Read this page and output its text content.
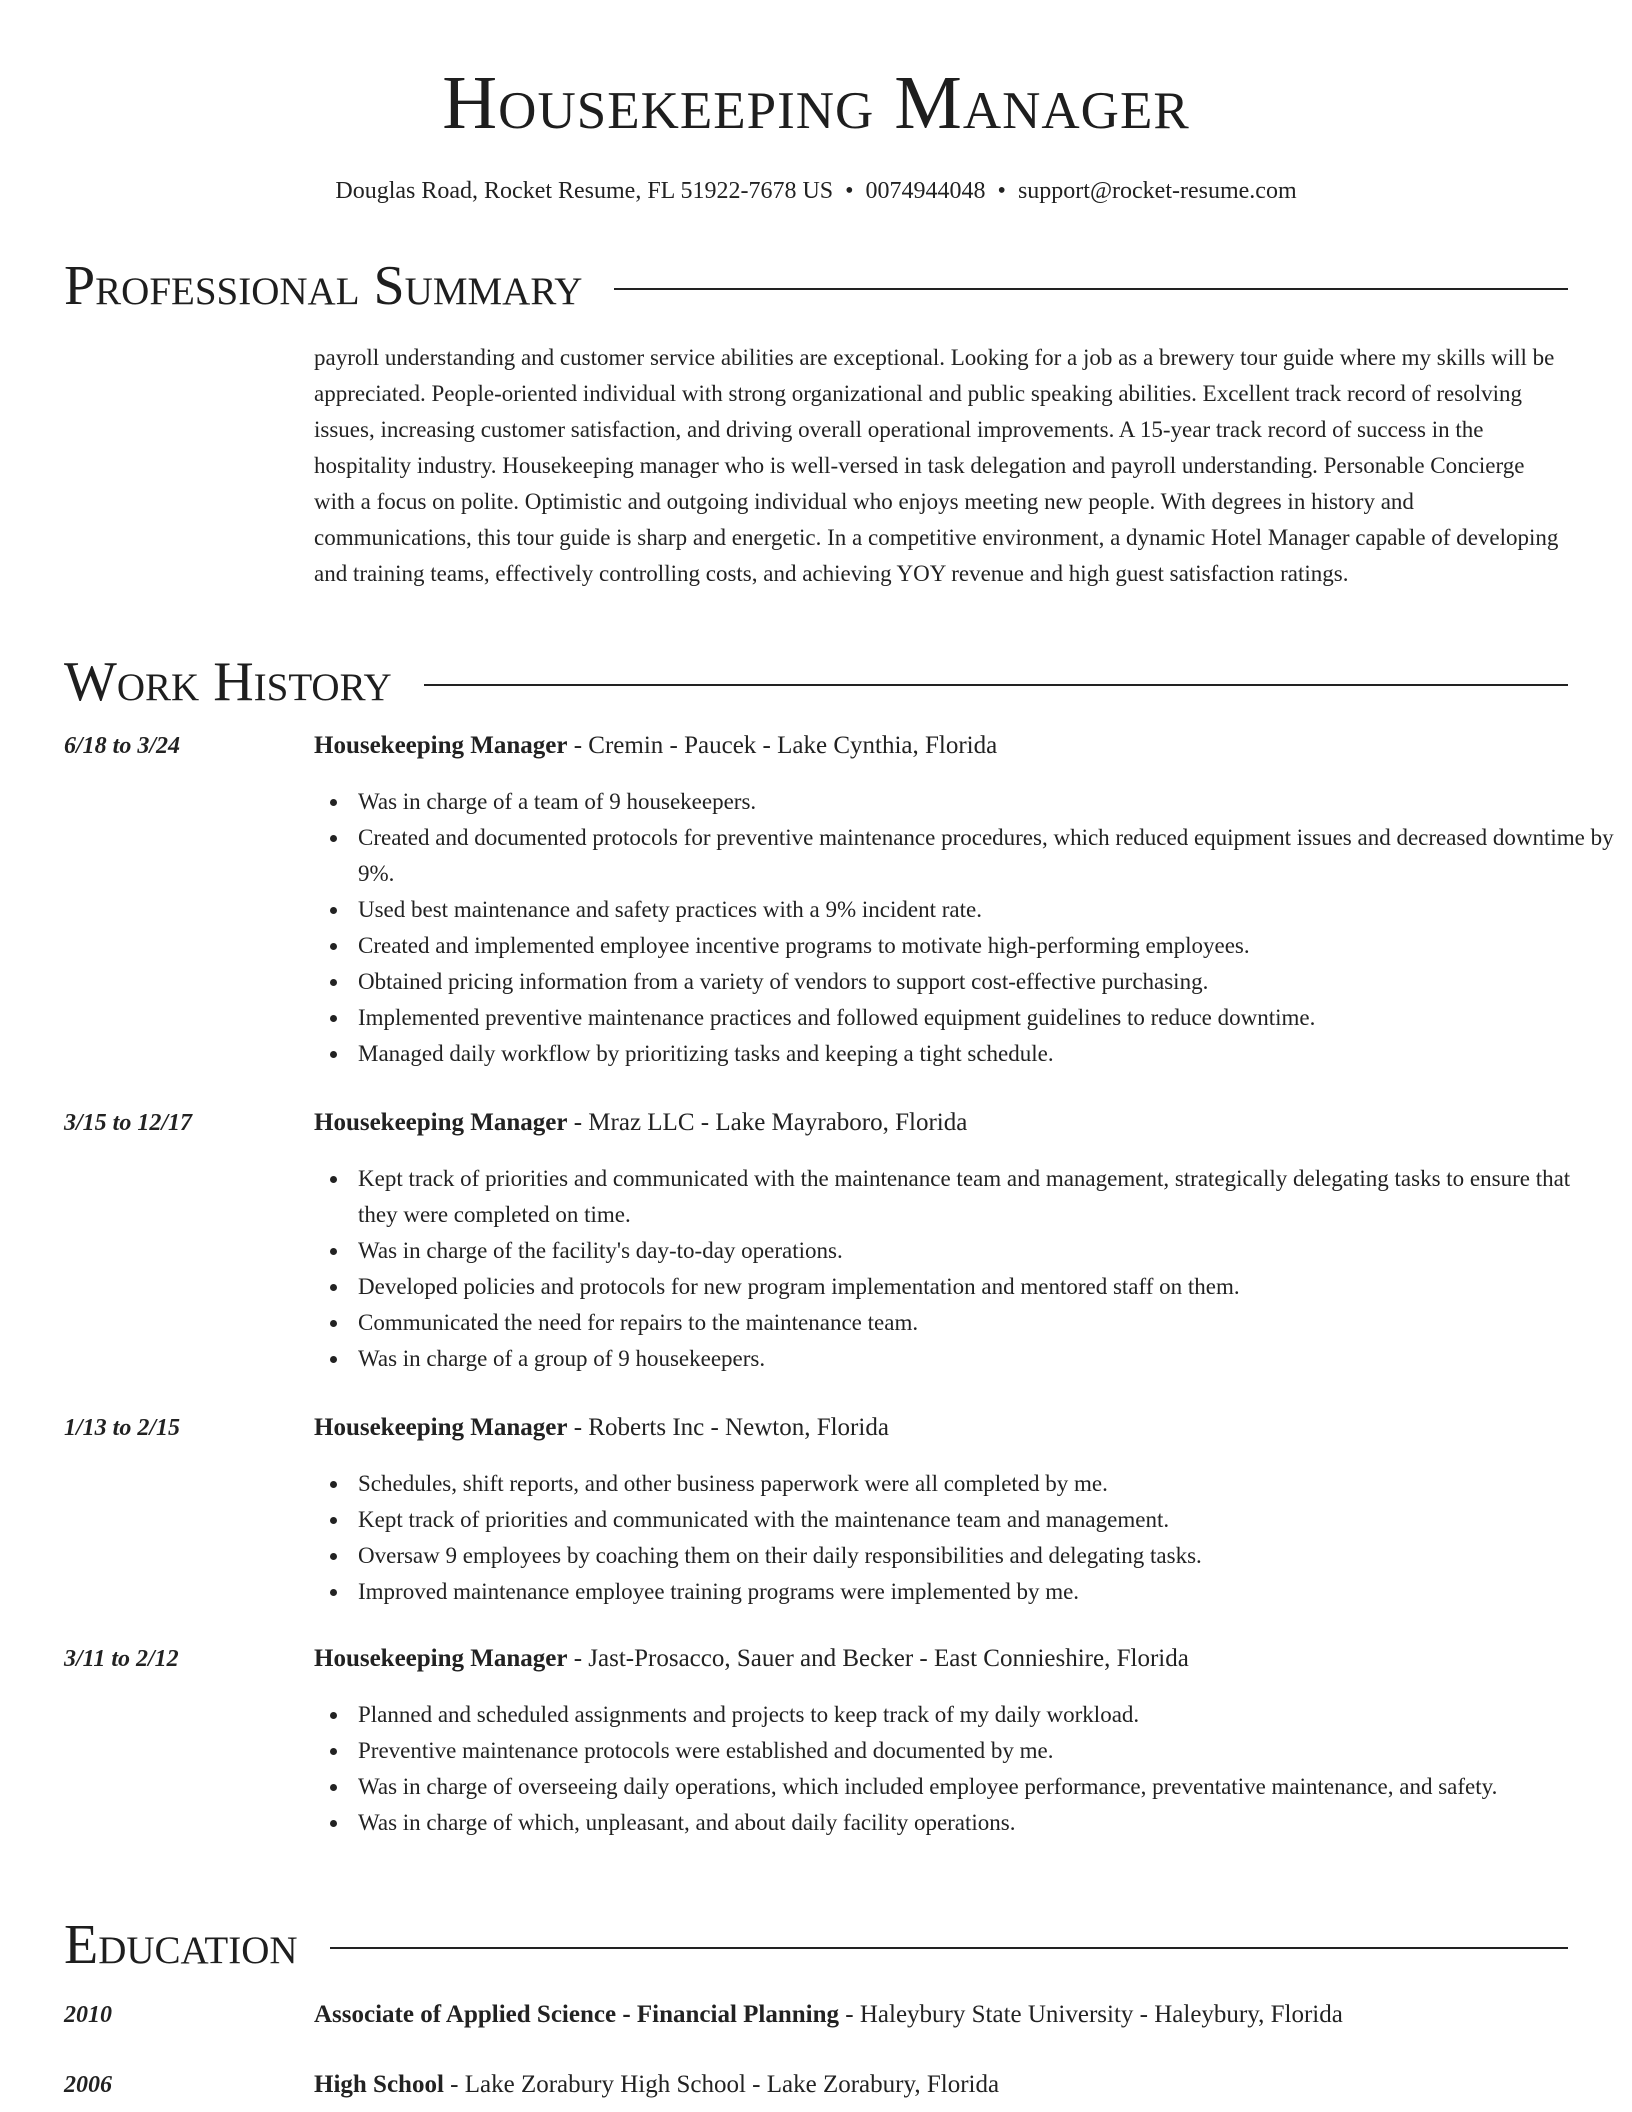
Housekeeping Manager
Douglas Road, Rocket Resume, FL 51922-7678 US • 0074944048 • support@rocket-resume.com
Professional Summary

payroll understanding and customer service abilities are exceptional. Looking for a job as a brewery tour guide where my skills will be appreciated. People-oriented individual with strong organizational and public speaking abilities. Excellent track record of resolving issues, increasing customer satisfaction, and driving overall operational improvements. A 15-year track record of success in the hospitality industry. Housekeeping manager who is well-versed in task delegation and payroll understanding. Personable Concierge with a focus on polite. Optimistic and outgoing individual who enjoys meeting new people. With degrees in history and communications, this tour guide is sharp and energetic. In a competitive environment, a dynamic Hotel Manager capable of developing and training teams, effectively controlling costs, and achieving YOY revenue and high guest satisfaction ratings.

Work History
6/18 to 3/24	Housekeeping Manager - Cremin - Paucek - Lake Cynthia, Florida
Was in charge of a team of 9 housekeepers.
Created and documented protocols for preventive maintenance procedures, which reduced equipment issues and decreased downtime by 9%.
Used best maintenance and safety practices with a 9% incident rate.
Created and implemented employee incentive programs to motivate high-performing employees.
Obtained pricing information from a variety of vendors to support cost-effective purchasing.
Implemented preventive maintenance practices and followed equipment guidelines to reduce downtime.
Managed daily workflow by prioritizing tasks and keeping a tight schedule.
3/15 to 12/17	Housekeeping Manager - Mraz LLC - Lake Mayraboro, Florida
Kept track of priorities and communicated with the maintenance team and management, strategically delegating tasks to ensure that they were completed on time.
Was in charge of the facility's day-to-day operations.
Developed policies and protocols for new program implementation and mentored staff on them.
Communicated the need for repairs to the maintenance team.
Was in charge of a group of 9 housekeepers.
1/13 to 2/15	Housekeeping Manager - Roberts Inc - Newton, Florida
Schedules, shift reports, and other business paperwork were all completed by me.
Kept track of priorities and communicated with the maintenance team and management.
Oversaw 9 employees by coaching them on their daily responsibilities and delegating tasks.
Improved maintenance employee training programs were implemented by me.
3/11 to 2/12	Housekeeping Manager - Jast-Prosacco, Sauer and Becker - East Connieshire, Florida
Planned and scheduled assignments and projects to keep track of my daily workload.
Preventive maintenance protocols were established and documented by me.
Was in charge of overseeing daily operations, which included employee performance, preventative maintenance, and safety.
Was in charge of which, unpleasant, and about daily facility operations.
Education
2010	Associate of Applied Science - Financial Planning - Haleybury State University - Haleybury, Florida
2006	High School - Lake Zorabury High School - Lake Zorabury, Florida
